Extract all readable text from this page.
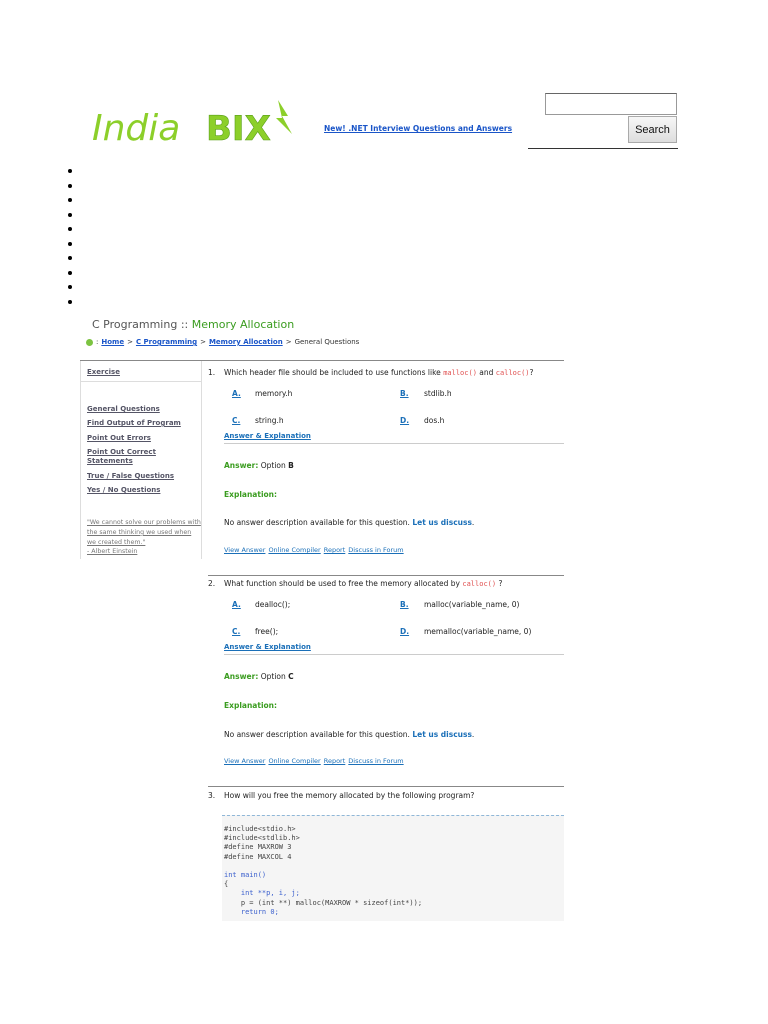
India BIX	New! .NET Interview Questions and Answers	Search
C Programming :: Memory Allocation
: Home > C Programming > Memory Allocation > General Questions
Exercise
General Questions
Find Output of Program
Point Out Errors
Point Out Correct Statements
True / False Questions
Yes / No Questions
"We cannot solve our problems with the same thinking we used when we created them."
- Albert Einstein
1. Which header file should be included to use functions like malloc() and calloc()?
A. memory.h	B. stdlib.h
C. string.h	D. dos.h
Answer & Explanation
Answer: Option B
Explanation:
No answer description available for this question. Let us discuss.
View Answer Online Compiler Report Discuss in Forum
2. What function should be used to free the memory allocated by calloc() ?
A. dealloc();	B. malloc(variable_name, 0)
C. free();	D. memalloc(variable_name, 0)
Answer & Explanation
Answer: Option C
Explanation:
No answer description available for this question. Let us discuss.
View Answer Online Compiler Report Discuss in Forum
3. How will you free the memory allocated by the following program?
#include<stdio.h>
#include<stdlib.h>
#define MAXROW 3
#define MAXCOL 4

int main()
{
int **p, i, j;
p = (int **) malloc(MAXROW * sizeof(int*));
return 0;
